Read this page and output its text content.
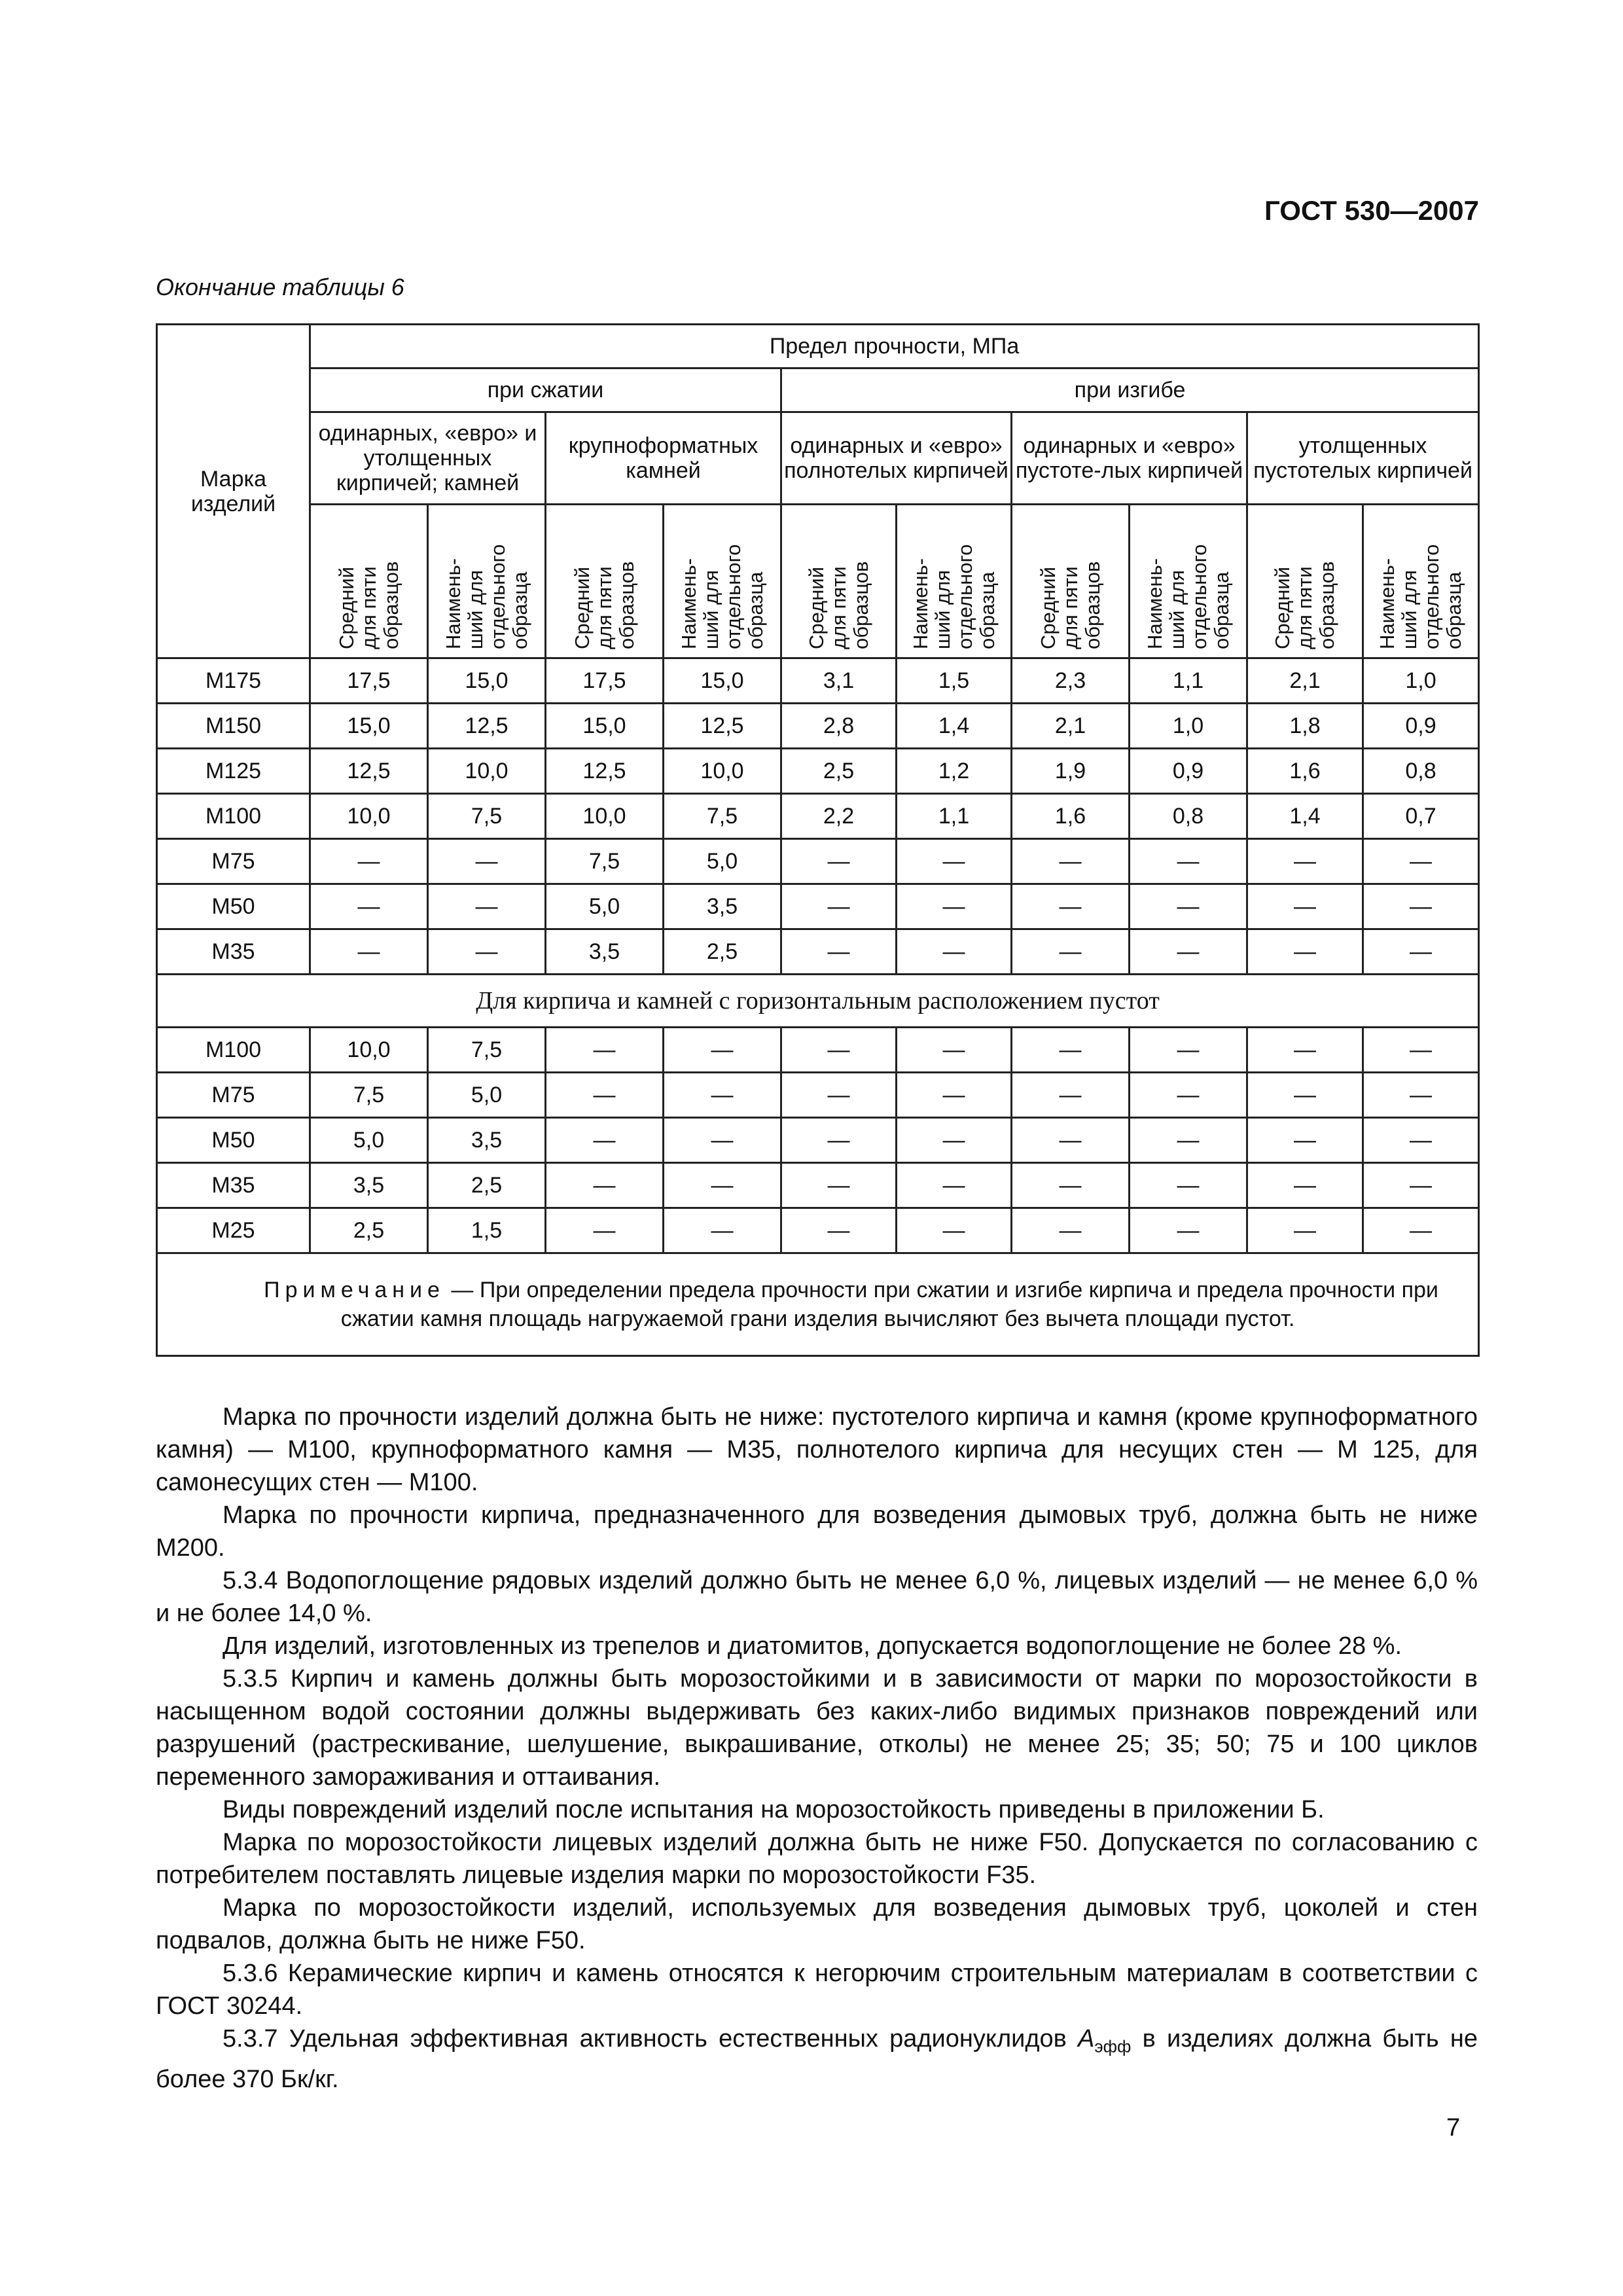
ГОСТ 530—2007
Окончание таблицы 6
Марка изделий	Предел прочности, МПа									
	при сжатии				при изгибе					
	одинарных, «евро» и утолщенных кирпичей; камней		крупноформатных камней		одинарных и «евро» полнотелых кирпичей		одинарных и «евро» пустоте-лых кирпичей		утолщенных пустотелых кирпичей	
	Средний
для пяти
образцов	Наимень-
ший для
отдельного
образца	Средний
для пяти
образцов	Наимень-
ший для
отдельного
образца	Средний
для пяти
образцов	Наимень-
ший для
отдельного
образца	Средний
для пяти
образцов	Наимень-
ший для
отдельного
образца	Средний
для пяти
образцов	Наимень-
ший для
отдельного
образца
M175	17,5	15,0	17,5	15,0	3,1	1,5	2,3	1,1	2,1	1,0
M150	15,0	12,5	15,0	12,5	2,8	1,4	2,1	1,0	1,8	0,9
M125	12,5	10,0	12,5	10,0	2,5	1,2	1,9	0,9	1,6	0,8
M100	10,0	7,5	10,0	7,5	2,2	1,1	1,6	0,8	1,4	0,7
M75	—	—	7,5	5,0	—	—	—	—	—	—
M50	—	—	5,0	3,5	—	—	—	—	—	—
M35	—	—	3,5	2,5	—	—	—	—	—	—
Для кирпича и камней с горизонтальным расположением пустот										
M100	10,0	7,5	—	—	—	—	—	—	—	—
M75	7,5	5,0	—	—	—	—	—	—	—	—
M50	5,0	3,5	—	—	—	—	—	—	—	—
M35	3,5	2,5	—	—	—	—	—	—	—	—
M25	2,5	1,5	—	—	—	—	—	—	—	—
Примечание — При определении предела прочности при сжатии и изгибе кирпича и предела прочности при сжатии камня площадь нагружаемой грани изделия вычисляют без вычета площади пустот.										

Марка по прочности изделий должна быть не ниже: пустотелого кирпича и камня (кроме крупноформатного камня) — М100, крупноформатного камня — М35, полнотелого кирпича для несущих стен — М 125, для самонесущих стен — М100.

Марка по прочности кирпича, предназначенного для возведения дымовых труб, должна быть не ниже М200.

5.3.4 Водопоглощение рядовых изделий должно быть не менее 6,0 %, лицевых изделий — не менее 6,0 % и не более 14,0 %.

Для изделий, изготовленных из трепелов и диатомитов, допускается водопоглощение не более 28 %.

5.3.5 Кирпич и камень должны быть морозостойкими и в зависимости от марки по морозостойкости в насыщенном водой состоянии должны выдерживать без каких-либо видимых признаков повреждений или разрушений (растрескивание, шелушение, выкрашивание, отколы) не менее 25; 35; 50; 75 и 100 циклов переменного замораживания и оттаивания.

Виды повреждений изделий после испытания на морозостойкость приведены в приложении Б.

Марка по морозостойкости лицевых изделий должна быть не ниже F50. Допускается по согласованию с потребителем поставлять лицевые изделия марки по морозостойкости F35.

Марка по морозостойкости изделий, используемых для возведения дымовых труб, цоколей и стен подвалов, должна быть не ниже F50.

5.3.6 Керамические кирпич и камень относятся к негорючим строительным материалам в соответствии с ГОСТ 30244.

5.3.7 Удельная эффективная активность естественных радионуклидов $A_{эфф}$ в изделиях должна быть не более 370 Бк/кг.

7
